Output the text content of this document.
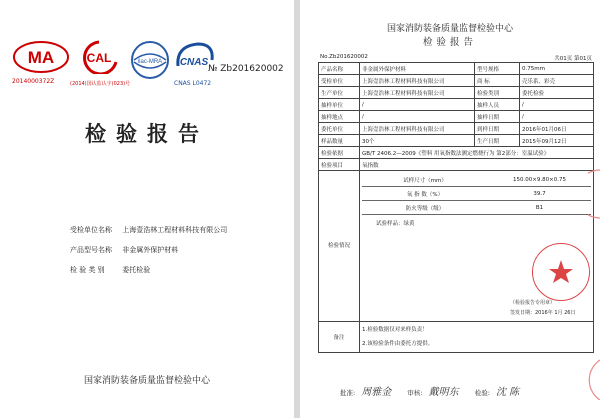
MA	CAL	ilac-MRA CNAS
2014000372Z	(2014)国认监认字(023)号	CNAS L0472
№ Zb201620002
检验报告
受检单位名称 上海壹浩林工程材料科技有限公司
产品型号名称 非金属外保护材料
检 验 类 别	委托检验
国家消防装备质量监督检验中心
国家消防装备质量监督检验中心
检验报告
No.Zb201620002	共01页 第01页
产品名称	非金属外保护材料	型号规格	0.75mm
受检单位	上海壹浩林工程材料科技有限公司	商 标	壳乐系、彩壳
生产单位	上海壹浩林工程材料科技有限公司	检验类别	委托检验
抽样单位	/	抽样人员	/
抽样地点	/	抽样日期	/
委托单位	上海壹浩林工程材料科技有限公司	到样日期	2016年01月06日
样品数量	30个	生产日期	2015年09月12日
检验依据	GB/T 2406.2—2009《塑料 用氧指数法测定燃烧行为 第2部分：室温试验》
检验项目	氧指数
检验情况	
试样尺寸（mm）	150.00×9.80×0.75
氧 指 数（%）	39.7
防火等级（级）	B1
试验样品：绿黄
（检验报告专用章）
签发日期：2016年 1月 26日

备注	
1.检验数据仅对来样负责！
2.该检验条件由委托方提供。
批准: 周雅金 审核: 戴明东 检验: 沈 陈
